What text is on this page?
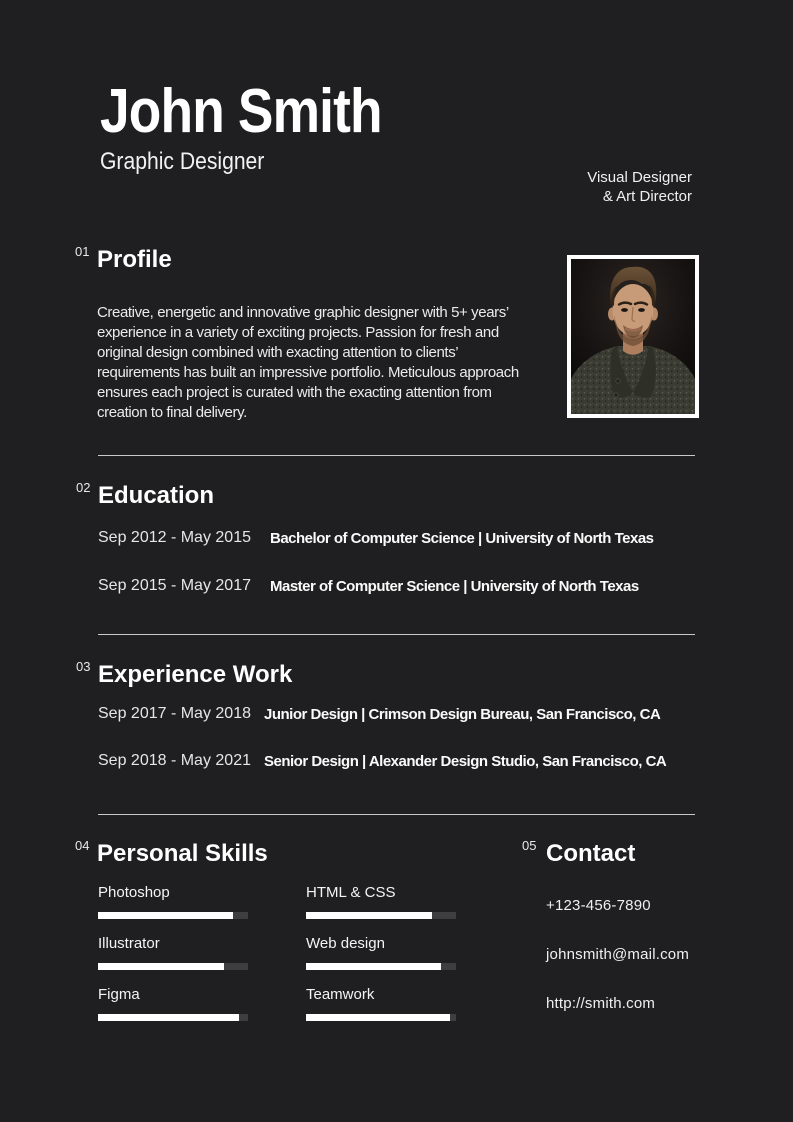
John Smith
Graphic Designer
Visual Designer
& Art Director
01 Profile

Creative, energetic and innovative graphic designer with 5+ years’ experience in a variety of exciting projects. Passion for fresh and original design combined with exacting attention to clients’ requirements has built an impressive portfolio. Meticulous approach ensures each project is curated with the exacting attention from creation to final delivery.

02 Education
Sep 2012 - May 2015 Bachelor of Computer Science | University of North Texas
Sep 2015 - May 2017 Master of Computer Science | University of North Texas
03 Experience Work
Sep 2017 - May 2018 Junior Design | Crimson Design Bureau, San Francisco, CA
Sep 2018 - May 2021 Senior Design | Alexander Design Studio, San Francisco, CA
04 Personal Skills
Photoshop
Illustrator
Figma
HTML & CSS
Web design
Teamwork
05 Contact
+123-456-7890
johnsmith@mail.com
http://smith.com
